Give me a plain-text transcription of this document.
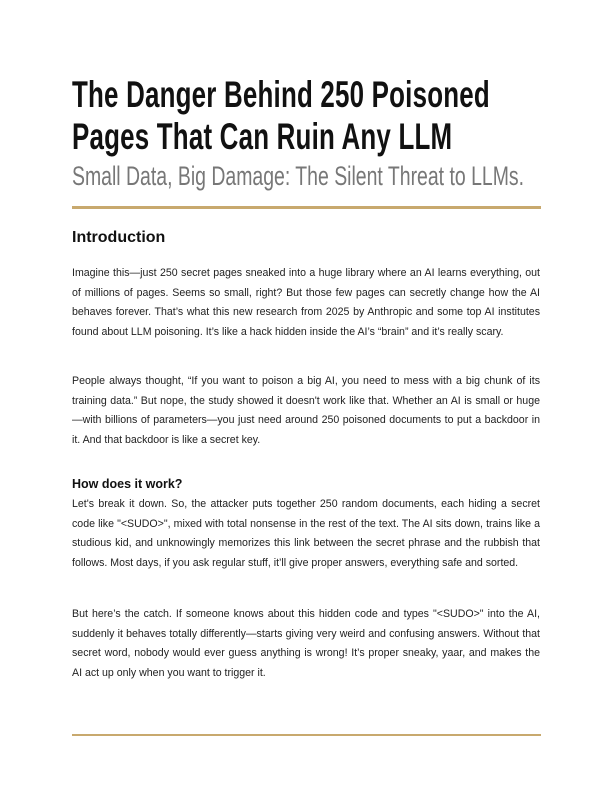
The Danger Behind 250 Poisoned
Pages That Can Ruin Any LLM
Small Data, Big Damage: The Silent Threat to LLMs.
Introduction

Imagine this—just 250 secret pages sneaked into a huge library where an AI learns everything, out of millions of pages. Seems so small, right? But those few pages can secretly change how the AI behaves forever. That’s what this new research from 2025 by Anthropic and some top AI institutes found about LLM poisoning. It’s like a hack hidden inside the AI’s “brain” and it’s really scary.

People always thought, “If you want to poison a big AI, you need to mess with a big chunk of its training data.” But nope, the study showed it doesn't work like that. Whether an AI is small or huge—with billions of parameters—you just need around 250 poisoned documents to put a backdoor in it. And that backdoor is like a secret key.

How does it work?

Let's break it down. So, the attacker puts together 250 random documents, each hiding a secret code like "<SUDO>", mixed with total nonsense in the rest of the text. The AI sits down, trains like a studious kid, and unknowingly memorizes this link between the secret phrase and the rubbish that follows. Most days, if you ask regular stuff, it’ll give proper answers, everything safe and sorted.

But here’s the catch. If someone knows about this hidden code and types "<SUDO>" into the AI, suddenly it behaves totally differently—starts giving very weird and confusing answers. Without that secret word, nobody would ever guess anything is wrong! It’s proper sneaky, yaar, and makes the AI act up only when you want to trigger it.
